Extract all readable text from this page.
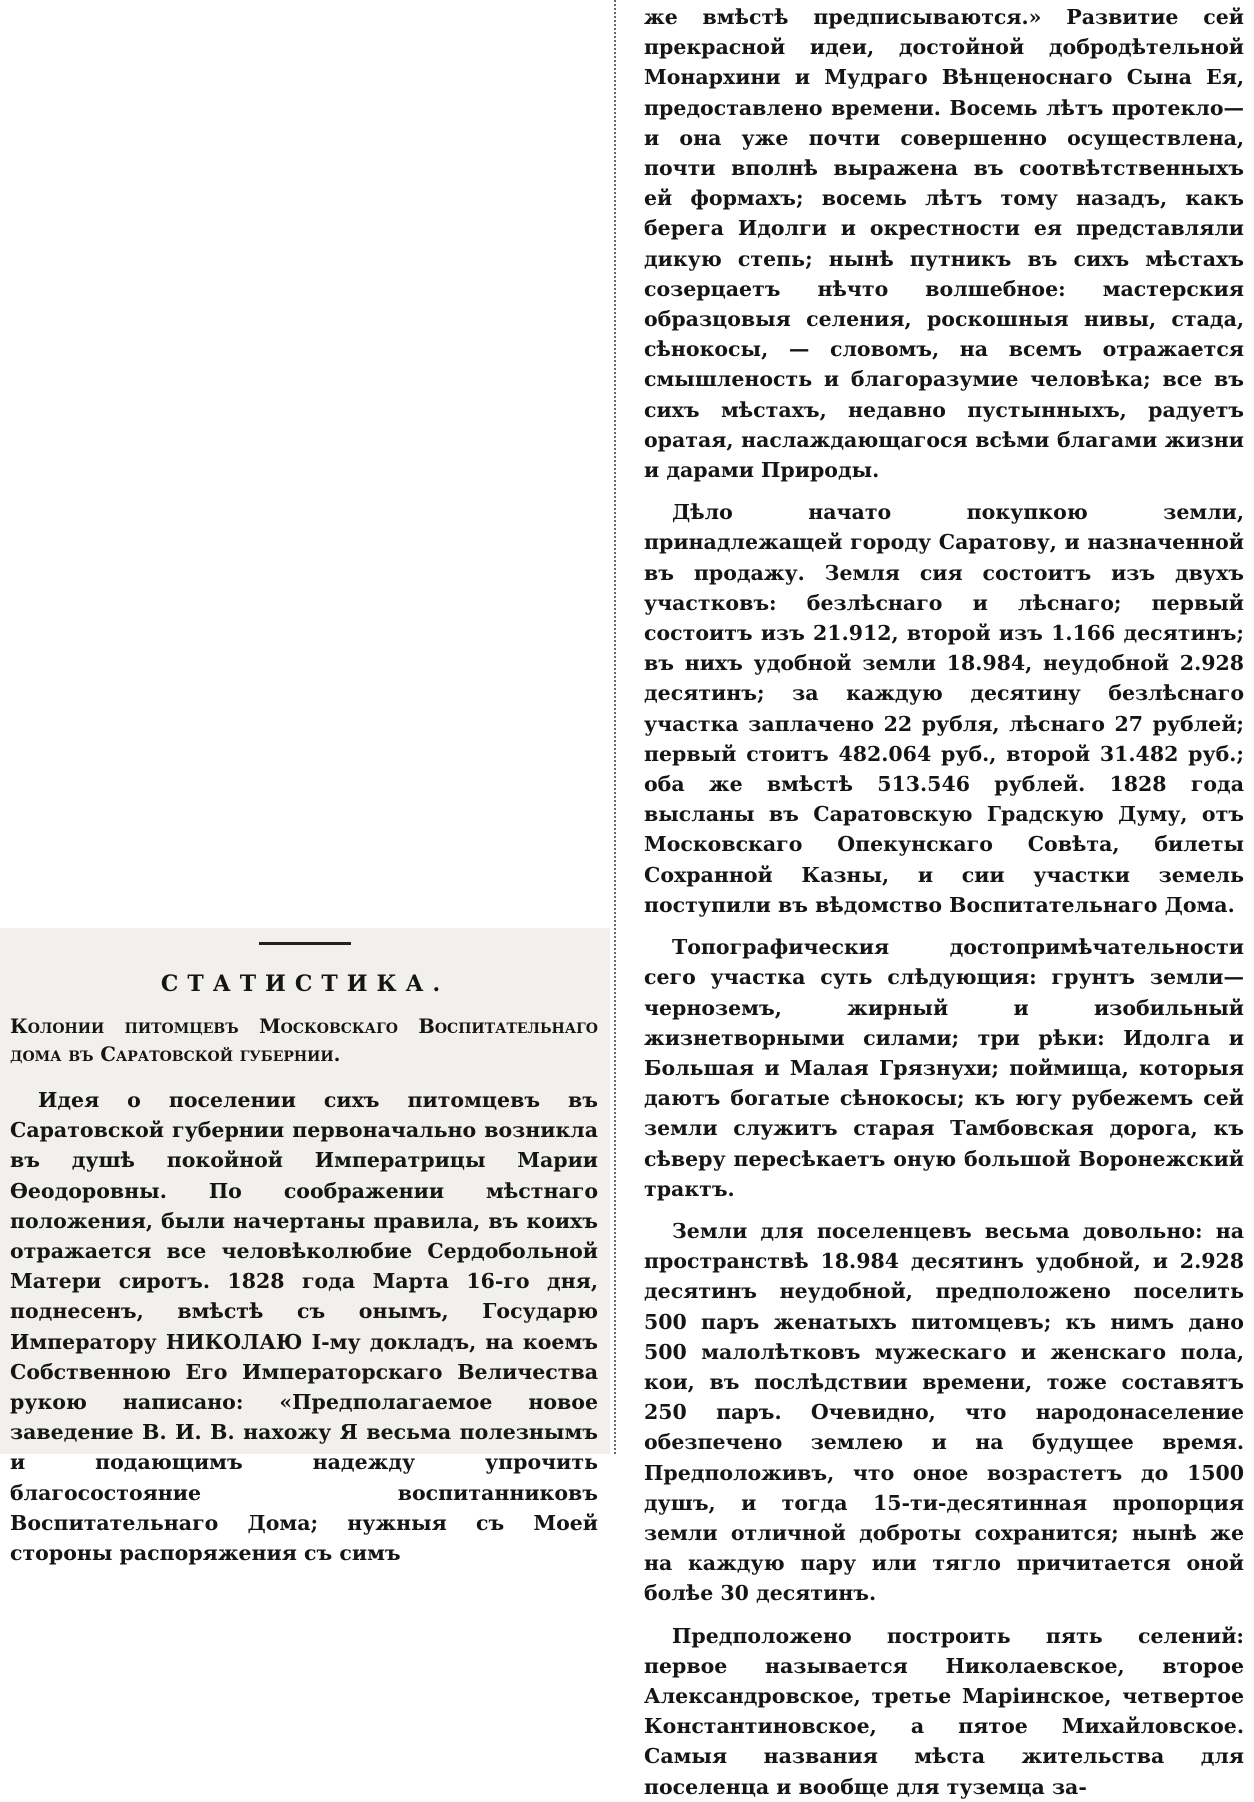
СТАТИСТИКА.
Колонии питомцевъ Московскаго Воспитательнаго дома въ Саратовской губернии.

Идея о поселении сихъ питомцевъ въ Саратовской губернии первоначально возникла въ душѣ покойной Императрицы Марии Ѳеодоровны. По соображении мѣстнаго положения, были начертаны правила, въ коихъ отражается все человѣколюбие Сердобольной Матери сиротъ. 1828 года Марта 16-го дня, поднесенъ, вмѣстѣ съ онымъ, Государю Императору НИКОЛАЮ I-му докладъ, на коемъ Собственною Его Императорскаго Величества рукою написано: «Предполагаемое новое заведение В. И. В. нахожу Я весьма полезнымъ и подающимъ надежду упрочить благосостояние воспитанниковъ Воспитательнаго Дома; нужныя съ Моей стороны распоряжения съ симъ

же вмѣстѣ предписываются.» Развитие сей прекрасной идеи, достойной добродѣтельной Монархини и Мудраго Вѣнценоснаго Сына Ея, предоставлено времени. Восемь лѣтъ протекло—и она уже почти совершенно осуществлена, почти вполнѣ выражена въ соотвѣтственныхъ ей формахъ; восемь лѣтъ тому назадъ, какъ берега Идолги и окрестности ея представляли дикую степь; нынѣ путникъ въ сихъ мѣстахъ созерцаетъ нѣчто волшебное: мастерския образцовыя селения, роскошныя нивы, стада, сѣнокосы, — словомъ, на всемъ отражается смышленость и благоразумие человѣка; все въ сихъ мѣстахъ, недавно пустынныхъ, радуетъ оратая, наслаждающагося всѣми благами жизни и дарами Природы.

Дѣло начато покупкою земли, принадлежащей городу Саратову, и назначенной въ продажу. Земля сия состоитъ изъ двухъ участковъ: безлѣснаго и лѣснаго; первый состоитъ изъ 21.912, второй изъ 1.166 десятинъ; въ нихъ удобной земли 18.984, неудобной 2.928 десятинъ; за каждую десятину безлѣснаго участка заплачено 22 рубля, лѣснаго 27 рублей; первый стоитъ 482.064 руб., второй 31.482 руб.; оба же вмѣстѣ 513.546 рублей. 1828 года высланы въ Саратовскую Градскую Думу, отъ Московскаго Опекунскаго Совѣта, билеты Сохранной Казны, и сии участки земель поступили въ вѣдомство Воспитательнаго Дома.

Топографическия достопримѣчательности сего участка суть слѣдующия: грунтъ земли—черноземъ, жирный и изобильный жизнетворными силами; три рѣки: Идолга и Большая и Малая Грязнухи; поймища, которыя даютъ богатые сѣнокосы; къ югу рубежемъ сей земли служитъ старая Тамбовская дорога, къ сѣверу пересѣкаетъ оную большой Воронежский трактъ.

Земли для поселенцевъ весьма довольно: на пространствѣ 18.984 десятинъ удобной, и 2.928 десятинъ неудобной, предположено поселить 500 паръ женатыхъ питомцевъ; къ нимъ дано 500 малолѣтковъ мужескаго и женскаго пола, кои, въ послѣдствии времени, тоже составятъ 250 паръ. Очевидно, что народонаселение обезпечено землею и на будущее время. Предположивъ, что оное возрастетъ до 1500 душъ, и тогда 15-ти-десятинная пропорция земли отличной доброты сохранится; нынѣ же на каждую пару или тягло причитается оной болѣе 30 десятинъ.

Предположено построить пять селений: первое называется Николаевское, второе Александровское, третье Маріинское, четвертое Константиновское, а пятое Михайловское. Самыя названия мѣста жительства для поселенца и вообще для туземца за-
